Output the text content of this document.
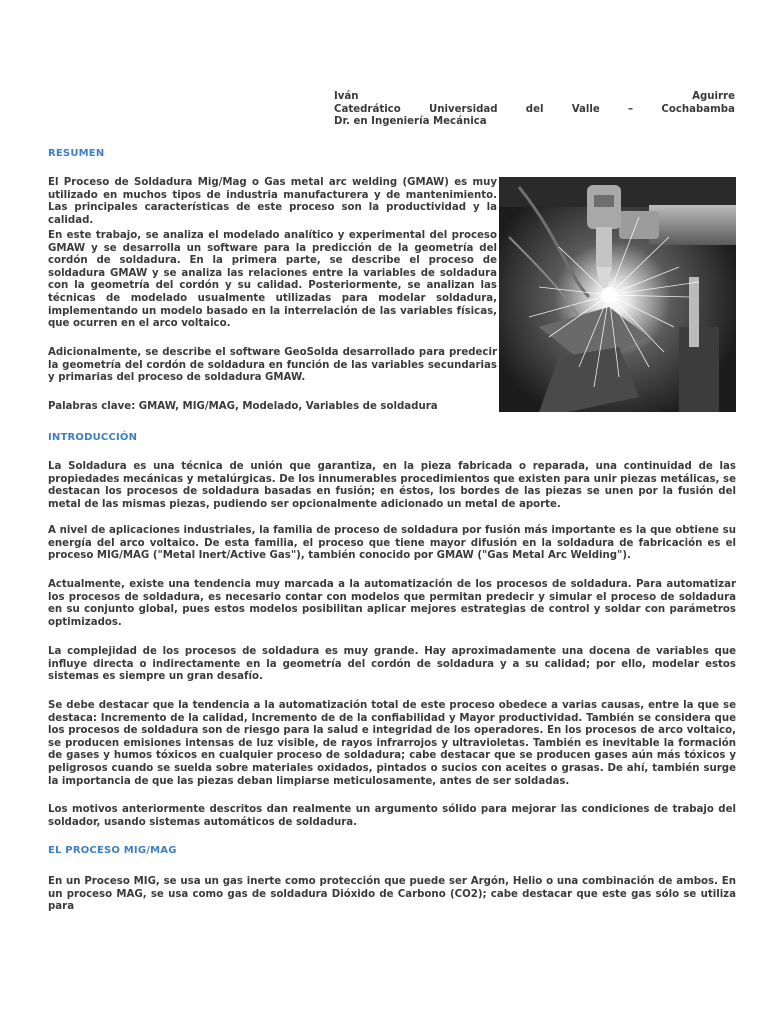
Iván	Aguirre
Catedrático	Universidad	del	Valle	–	Cochabamba
Dr. en Ingeniería Mecánica
RESUMEN

El Proceso de Soldadura Mig/Mag o Gas metal arc welding (GMAW) es muy utilizado en muchos tipos de industria manufacturera y de mantenimiento. Las principales características de este proceso son la productividad y la calidad.

En este trabajo, se analiza el modelado analítico y experimental del proceso GMAW y se desarrolla un software para la predicción de la geometría del cordón de soldadura. En la primera parte, se describe el proceso de soldadura GMAW y se analiza las relaciones entre la variables de soldadura con la geometría del cordón y su calidad. Posteriormente, se analizan las técnicas de modelado usualmente utilizadas para modelar soldadura, implementando un modelo basado en la interrelación de las variables físicas, que ocurren en el arco voltaico.

Adicionalmente, se describe el software GeoSolda desarrollado para predecir la geometría del cordón de soldadura en función de las variables secundarias y primarias del proceso de soldadura GMAW.

Palabras clave: GMAW, MIG/MAG, Modelado, Variables de soldadura

INTRODUCCIÓN

La Soldadura es una técnica de unión que garantiza, en la pieza fabricada o reparada, una continuidad de las propiedades mecánicas y metalúrgicas. De los innumerables procedimientos que existen para unir piezas metálicas, se destacan los procesos de soldadura basadas en fusión; en éstos, los bordes de las piezas se unen por la fusión del metal de las mismas piezas, pudiendo ser opcionalmente adicionado un metal de aporte.

A nivel de aplicaciones industriales, la familia de proceso de soldadura por fusión más importante es la que obtiene su energía del arco voltaico. De esta familia, el proceso que tiene mayor difusión en la soldadura de fabricación es el proceso MIG/MAG ("Metal Inert/Active Gas"), también conocido por GMAW ("Gas Metal Arc Welding").

Actualmente, existe una tendencia muy marcada a la automatización de los procesos de soldadura. Para automatizar los procesos de soldadura, es necesario contar con modelos que permitan predecir y simular el proceso de soldadura en su conjunto global, pues estos modelos posibilitan aplicar mejores estrategias de control y soldar con parámetros optimizados.

La complejidad de los procesos de soldadura es muy grande. Hay aproximadamente una docena de variables que influye directa o indirectamente en la geometría del cordón de soldadura y a su calidad; por ello, modelar estos sistemas es siempre un gran desafío.

Se debe destacar que la tendencia a la automatización total de este proceso obedece a varias causas, entre la que se destaca: Incremento de la calidad, Incremento de de la confiabilidad y Mayor productividad. También se considera que los procesos de soldadura son de riesgo para la salud e integridad de los operadores. En los procesos de arco voltaico, se producen emisiones intensas de luz visible, de rayos infrarrojos y ultravioletas. También es inevitable la formación de gases y humos tóxicos en cualquier proceso de soldadura; cabe destacar que se producen gases aún más tóxicos y peligrosos cuando se suelda sobre materiales oxidados, pintados o sucios con aceites o grasas. De ahí, también surge la importancia de que las piezas deban limpiarse meticulosamente, antes de ser soldadas.

Los motivos anteriormente descritos dan realmente un argumento sólido para mejorar las condiciones de trabajo del soldador, usando sistemas automáticos de soldadura.

EL PROCESO MIG/MAG

En un Proceso MIG, se usa un gas inerte como protección que puede ser Argón, Helio o una combinación de ambos. En un proceso MAG, se usa como gas de soldadura Dióxido de Carbono (CO2); cabe destacar que este gas sólo se utiliza para
